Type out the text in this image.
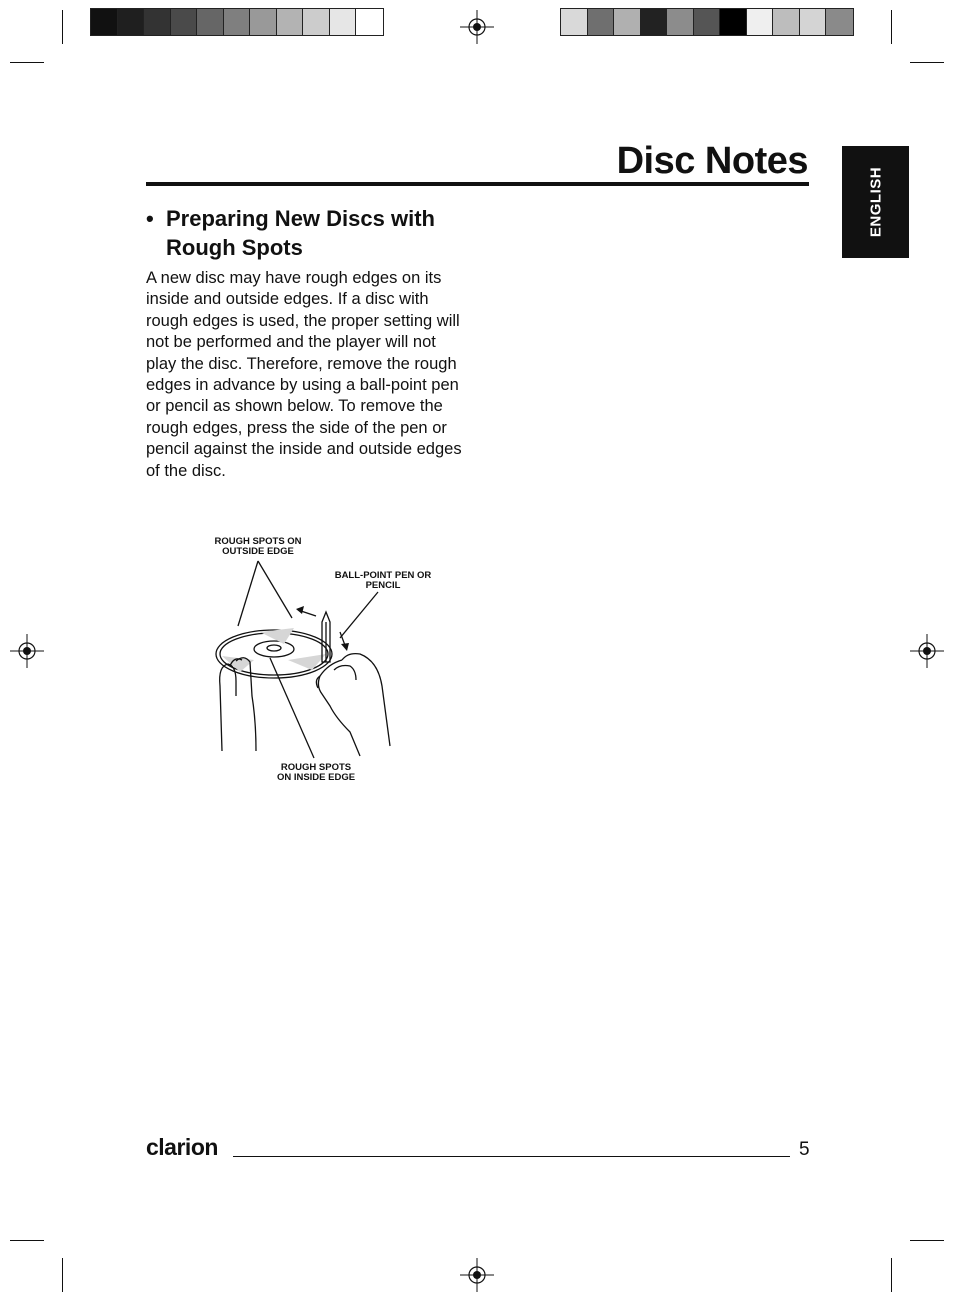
Disc Notes
ENGLISH
• Preparing New Discs with Rough Spots
A new disc may have rough edges on its inside and outside edges. If a disc with rough edges is used, the proper setting will not be performed and the player will not play the disc. Therefore, remove the rough edges in advance by using a ball-point pen or pencil as shown below. To remove the rough edges, press the side of the pen or pencil against the inside and outside edges of the disc.
ROUGH SPOTS ON
OUTSIDE EDGE
BALL-POINT PEN OR
PENCIL
ROUGH SPOTS
ON INSIDE EDGE
clarion	5
